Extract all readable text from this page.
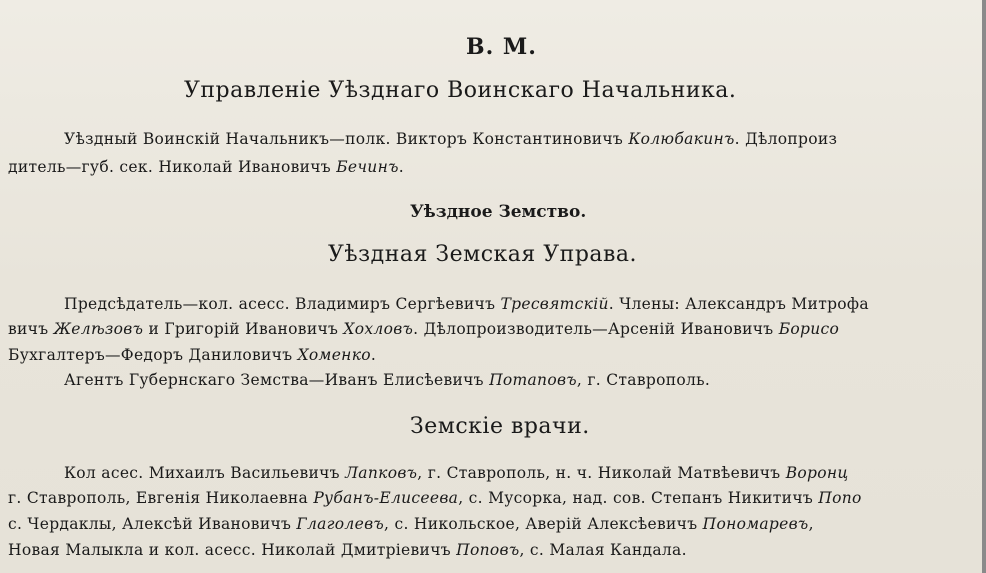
В. М.
Управленіе Уѣзднаго Воинскаго Начальника.
Уѣздный Воинскій Начальникъ—полк. Викторъ Константиновичъ Колюбакинъ. Дѣлопроиз
дитель—губ. сек. Николай Ивановичъ Бечинъ.
Уѣздное Земство.
Уѣздная Земская Управа.
Предсѣдатель—кол. асесс. Владимиръ Сергѣевичъ Тресвятскій. Члены: Александръ Митрофа
вичъ Желѣзовъ и Григорій Ивановичъ Хохловъ. Дѣлопроизводитель—Арсеній Ивановичъ Борисо
Бухгалтеръ—Федоръ Даниловичъ Хоменко.
Агентъ Губернскаго Земства—Иванъ Елисѣевичъ Потаповъ, г. Ставрополь.
Земскіе врачи.
Кол асес. Михаилъ Васильевичъ Лапковъ, г. Ставрополь, н. ч. Николай Матвѣевичъ Воронц
г. Ставрополь, Евгенія Николаевна Рубанъ-Елисеева, с. Мусорка, над. сов. Степанъ Никитичъ Попо
с. Чердаклы, Алексѣй Ивановичъ Глаголевъ, с. Никольское, Аверій Алексѣевичъ Пономаревъ,
Новая Малыкла и кол. асесс. Николай Дмитріевичъ Поповъ, с. Малая Кандала.
